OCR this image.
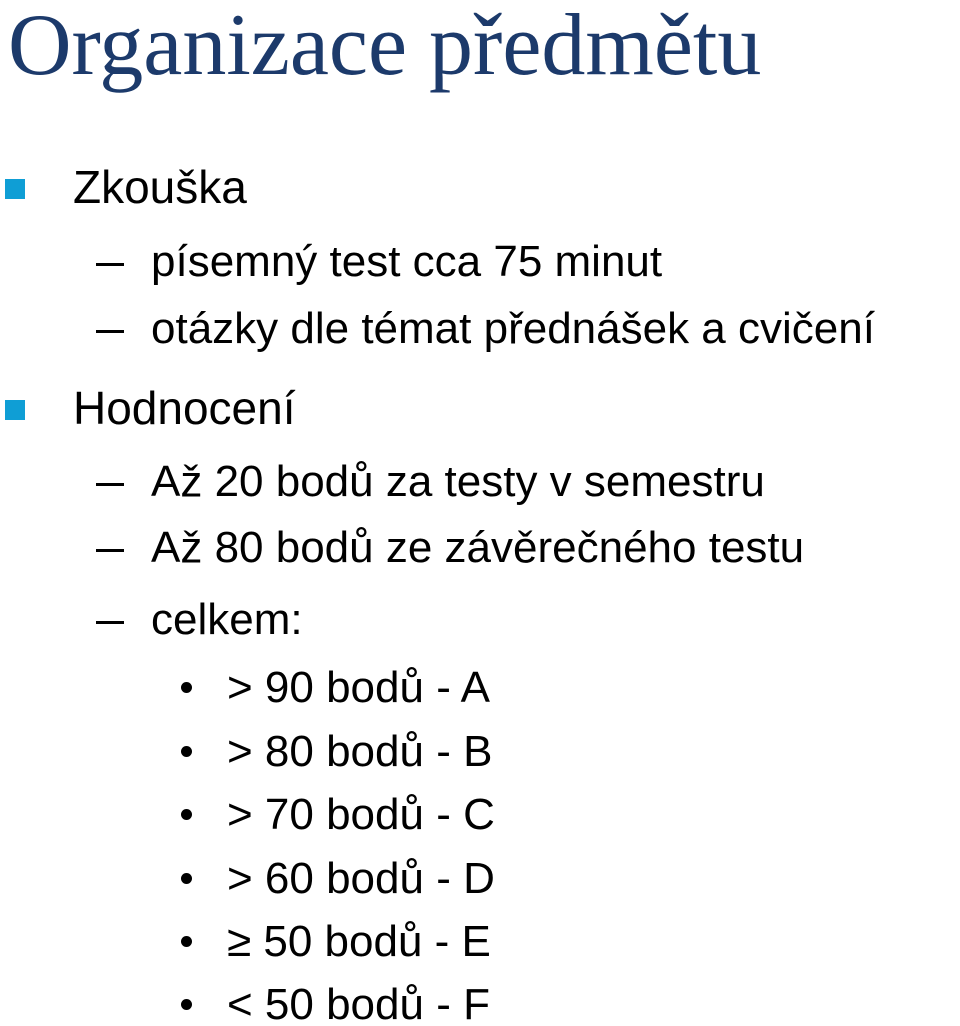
Organizace předmětu
Zkouška
písemný test cca 75 minut
otázky dle témat přednášek a cvičení
Hodnocení
Až 20 bodů za testy v semestru
Až 80 bodů ze závěrečného testu
celkem:
> 90 bodů - A
> 80 bodů - B
> 70 bodů - C
> 60 bodů - D
≥ 50 bodů - E
< 50 bodů - F
